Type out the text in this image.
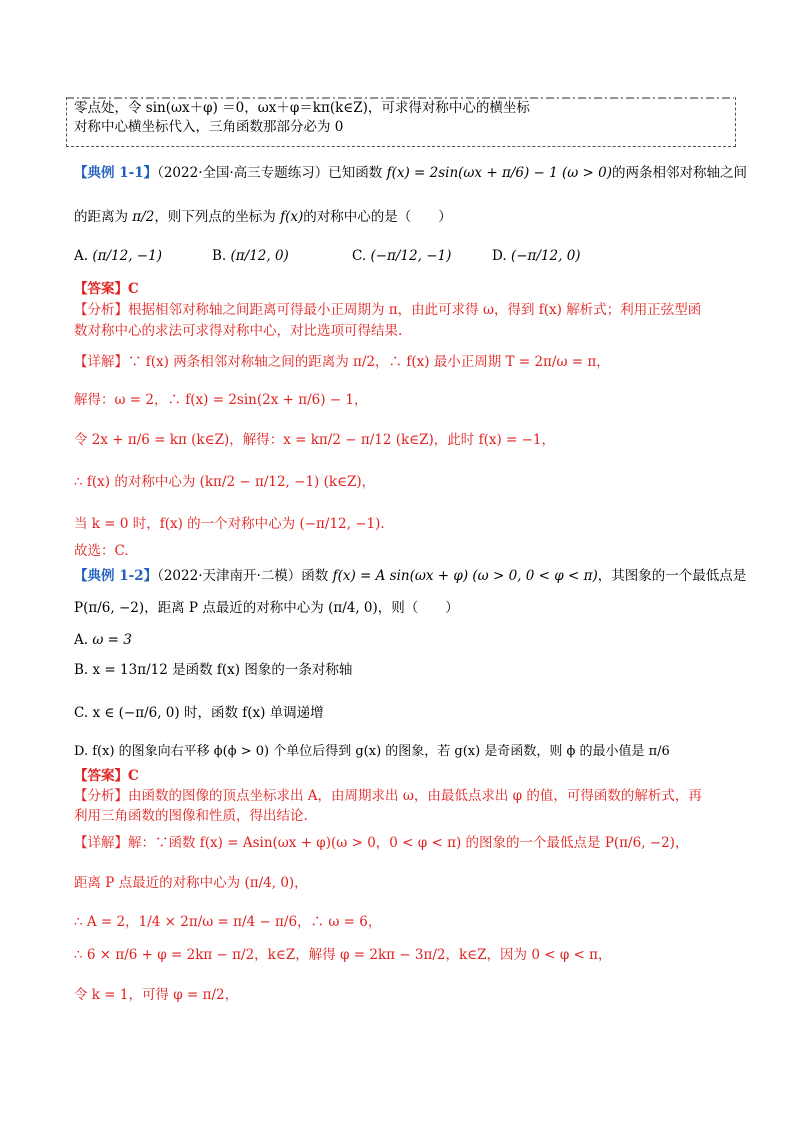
零点处，令 sin(ωx＋φ) ＝0，ωx＋φ＝kπ(k∈Z)，可求得对称中心的横坐标
对称中心横坐标代入，三角函数那部分必为 0
【典例 1-1】（2022·全国·高三专题练习）已知函数 f(x) = 2sin(ωx + π/6) − 1 (ω > 0)的两条相邻对称轴之间
的距离为 π/2，则下列点的坐标为 f(x)的对称中心的是（　　）
A. (π/12, −1)	B. (π/12, 0)	C. (−π/12, −1)	D. (−π/12, 0)
【答案】C
【分析】根据相邻对称轴之间距离可得最小正周期为 π，由此可求得 ω，得到 f(x) 解析式；利用正弦型函
数对称中心的求法可求得对称中心，对比选项可得结果.
【详解】∵ f(x) 两条相邻对称轴之间的距离为 π/2，∴ f(x) 最小正周期 T = 2π/ω = π，
解得：ω = 2，∴ f(x) = 2sin(2x + π/6) − 1，
令 2x + π/6 = kπ (k∈Z)，解得：x = kπ/2 − π/12 (k∈Z)，此时 f(x) = −1，
∴ f(x) 的对称中心为 (kπ/2 − π/12, −1) (k∈Z)，
当 k = 0 时，f(x) 的一个对称中心为 (−π/12, −1).
故选：C.
【典例 1-2】（2022·天津南开·二模）函数 f(x) = A sin(ωx + φ) (ω > 0, 0 < φ < π)，其图象的一个最低点是
P(π/6, −2)，距离 P 点最近的对称中心为 (π/4, 0)，则（　　）
A. ω = 3
B. x = 13π/12 是函数 f(x) 图象的一条对称轴
C. x ∈ (−π/6, 0) 时，函数 f(x) 单调递增
D. f(x) 的图象向右平移 ϕ(ϕ > 0) 个单位后得到 g(x) 的图象，若 g(x) 是奇函数，则 ϕ 的最小值是 π/6
【答案】C
【分析】由函数的图像的顶点坐标求出 A，由周期求出 ω，由最低点求出 φ 的值，可得函数的解析式，再
利用三角函数的图像和性质，得出结论.
【详解】解：∵函数 f(x) = Asin(ωx + φ)(ω > 0，0 < φ < π) 的图象的一个最低点是 P(π/6, −2)，
距离 P 点最近的对称中心为 (π/4, 0)，
∴ A = 2，1/4 × 2π/ω = π/4 − π/6，∴ ω = 6，
∴ 6 × π/6 + φ = 2kπ − π/2，k∈Z，解得 φ = 2kπ − 3π/2，k∈Z，因为 0 < φ < π，
令 k = 1，可得 φ = π/2，
